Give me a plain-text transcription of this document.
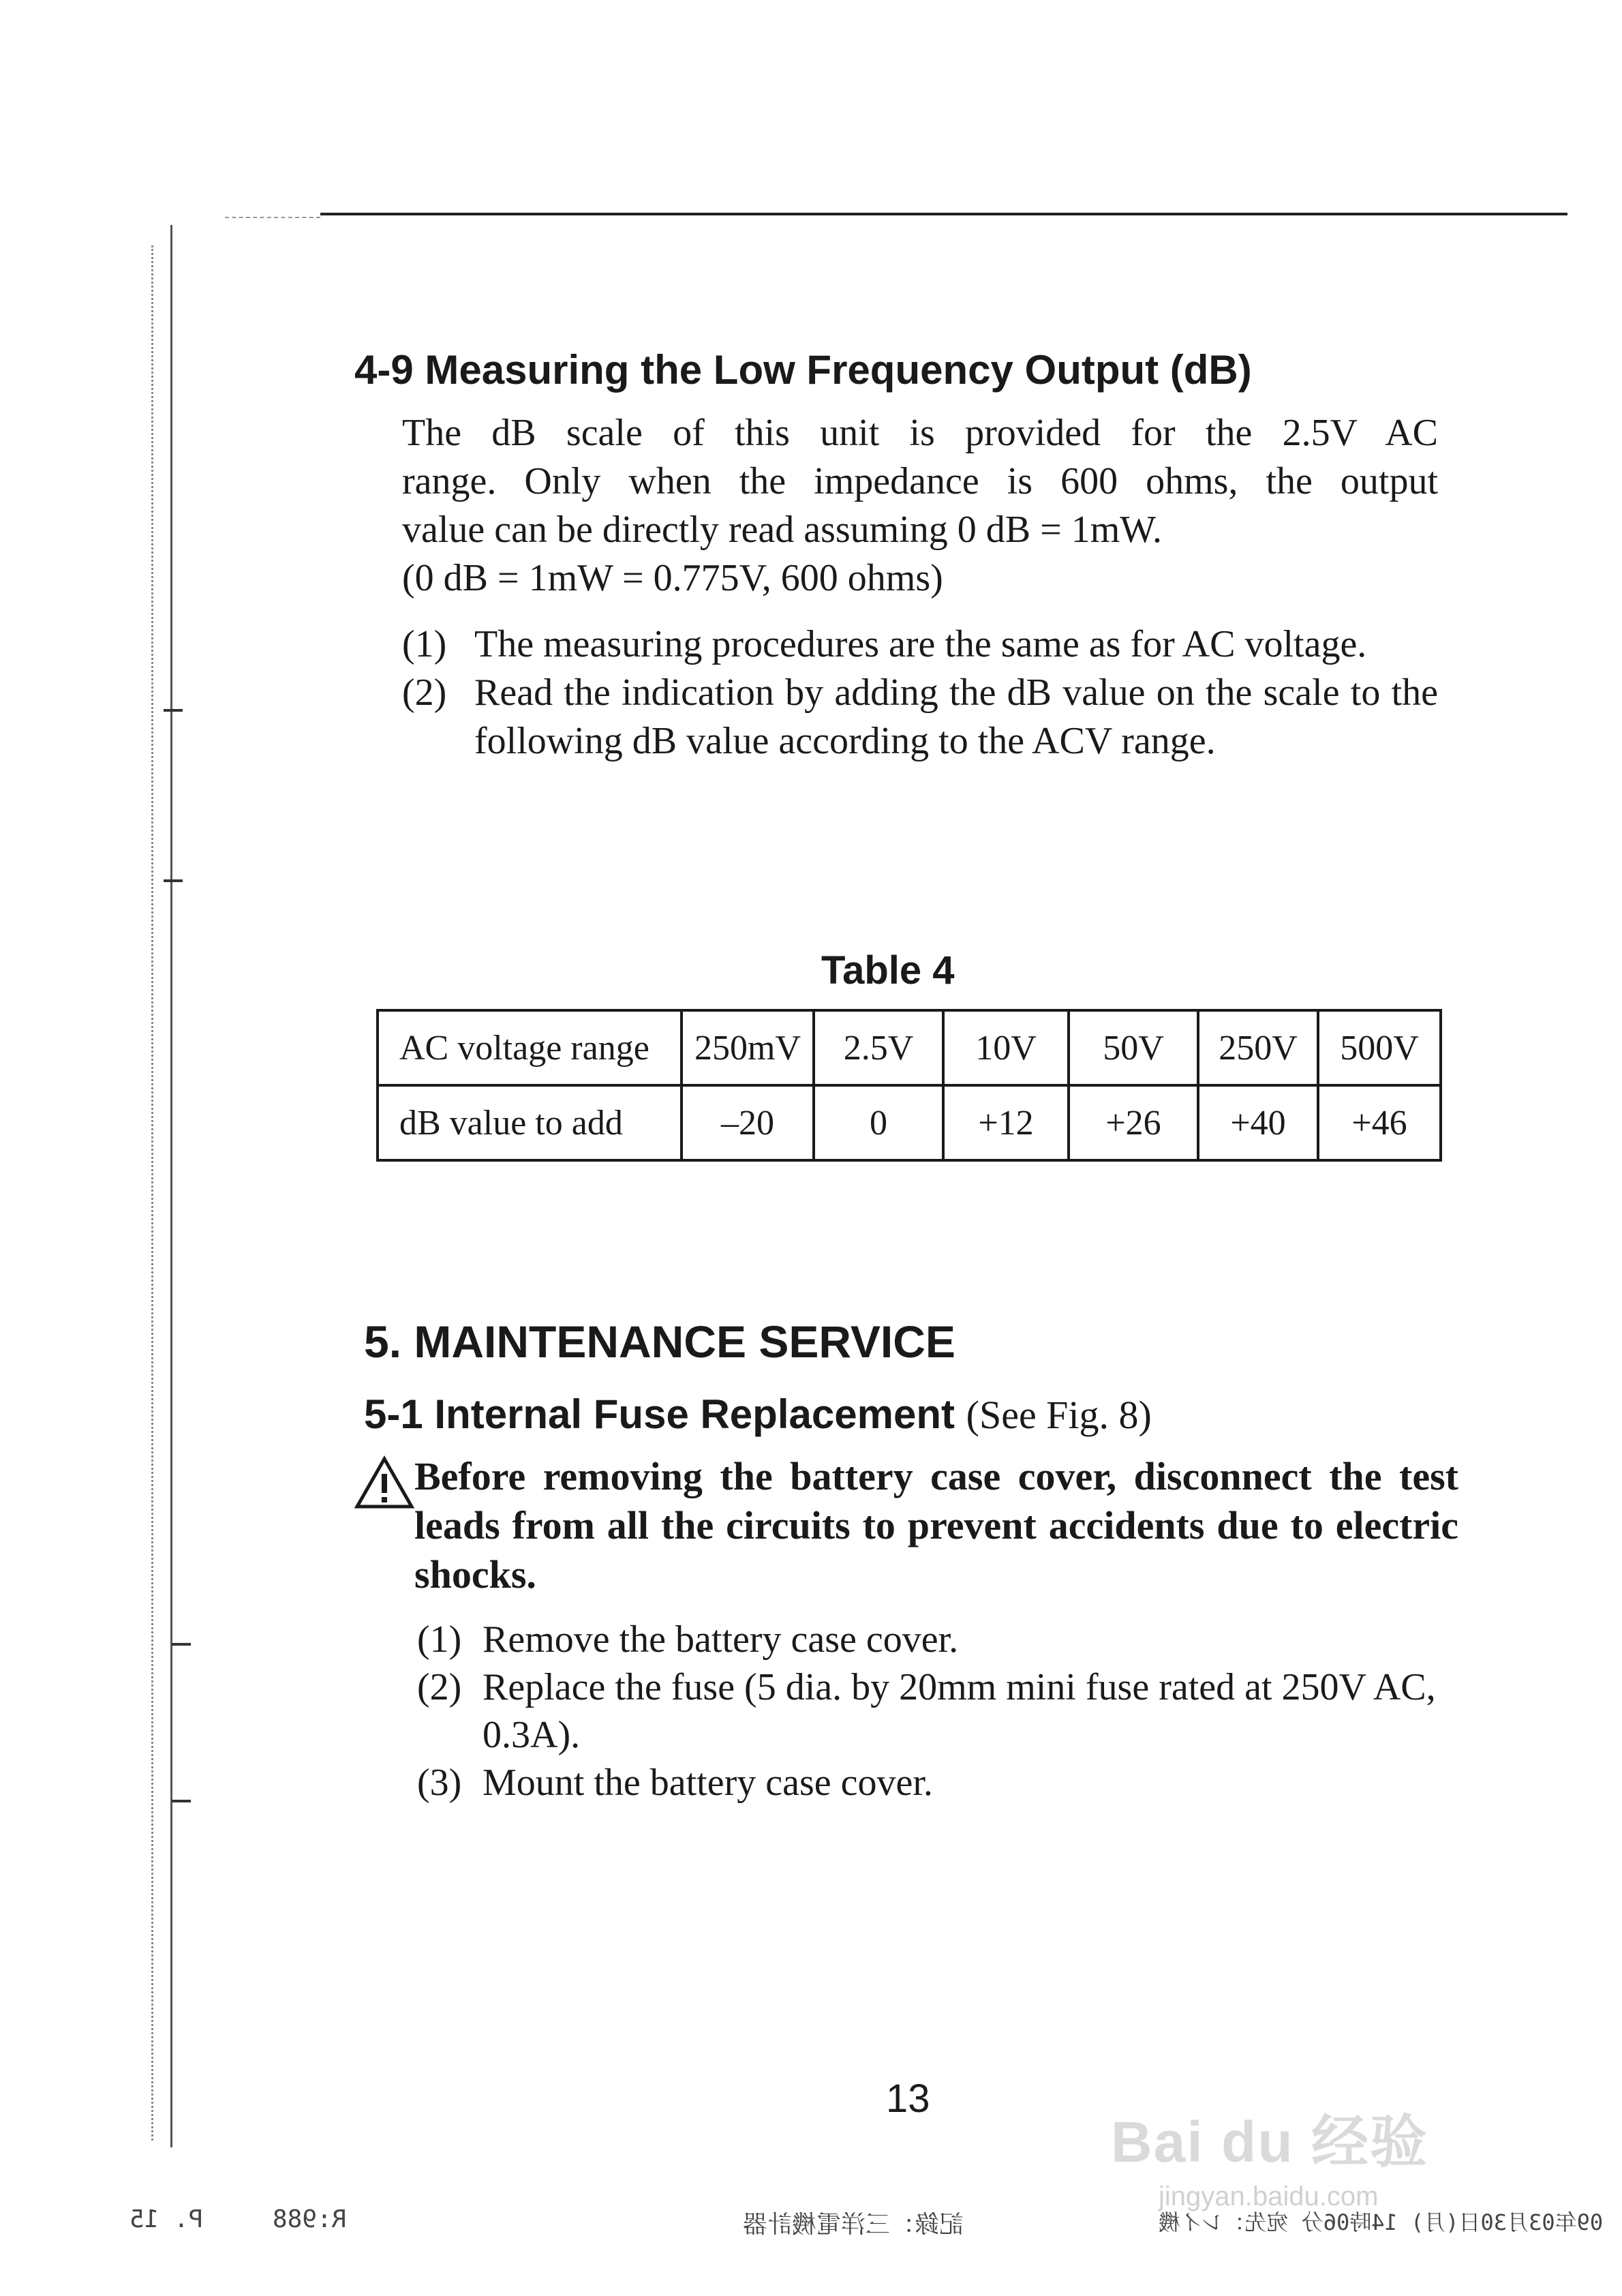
4-9 Measuring the Low Frequency Output (dB)
The dB scale of this unit is provided for the 2.5V AC
range. Only when the impedance is 600 ohms, the output
value can be directly read assuming 0 dB = 1mW.
(0 dB = 1mW = 0.775V, 600 ohms)
(1) The measuring procedures are the same as for AC voltage.
(2) Read the indication by adding the dB value on the scale to the following dB value according to the ACV range.
Table 4
AC voltage range	250mV	2.5V	10V	50V	250V	500V
dB value to add	–20	0	+12	+26	+40	+46
5. MAINTENANCE SERVICE
5-1 Internal Fuse Replacement (See Fig. 8)
Before removing the battery case cover, disconnect the test leads from all the circuits to prevent accidents due to electric shocks.
(1) Remove the battery case cover.
(2) Replace the fuse (5 dia. by 20mm mini fuse rated at 250V AC, 0.3A).
(3) Mount the battery case cover.
13
Bai du 经验
jingyan.baidu.com
P. 15	R:988	記錄：三洋電機計器	09年03月30日(月) 14時06分 宛先：レイ機
